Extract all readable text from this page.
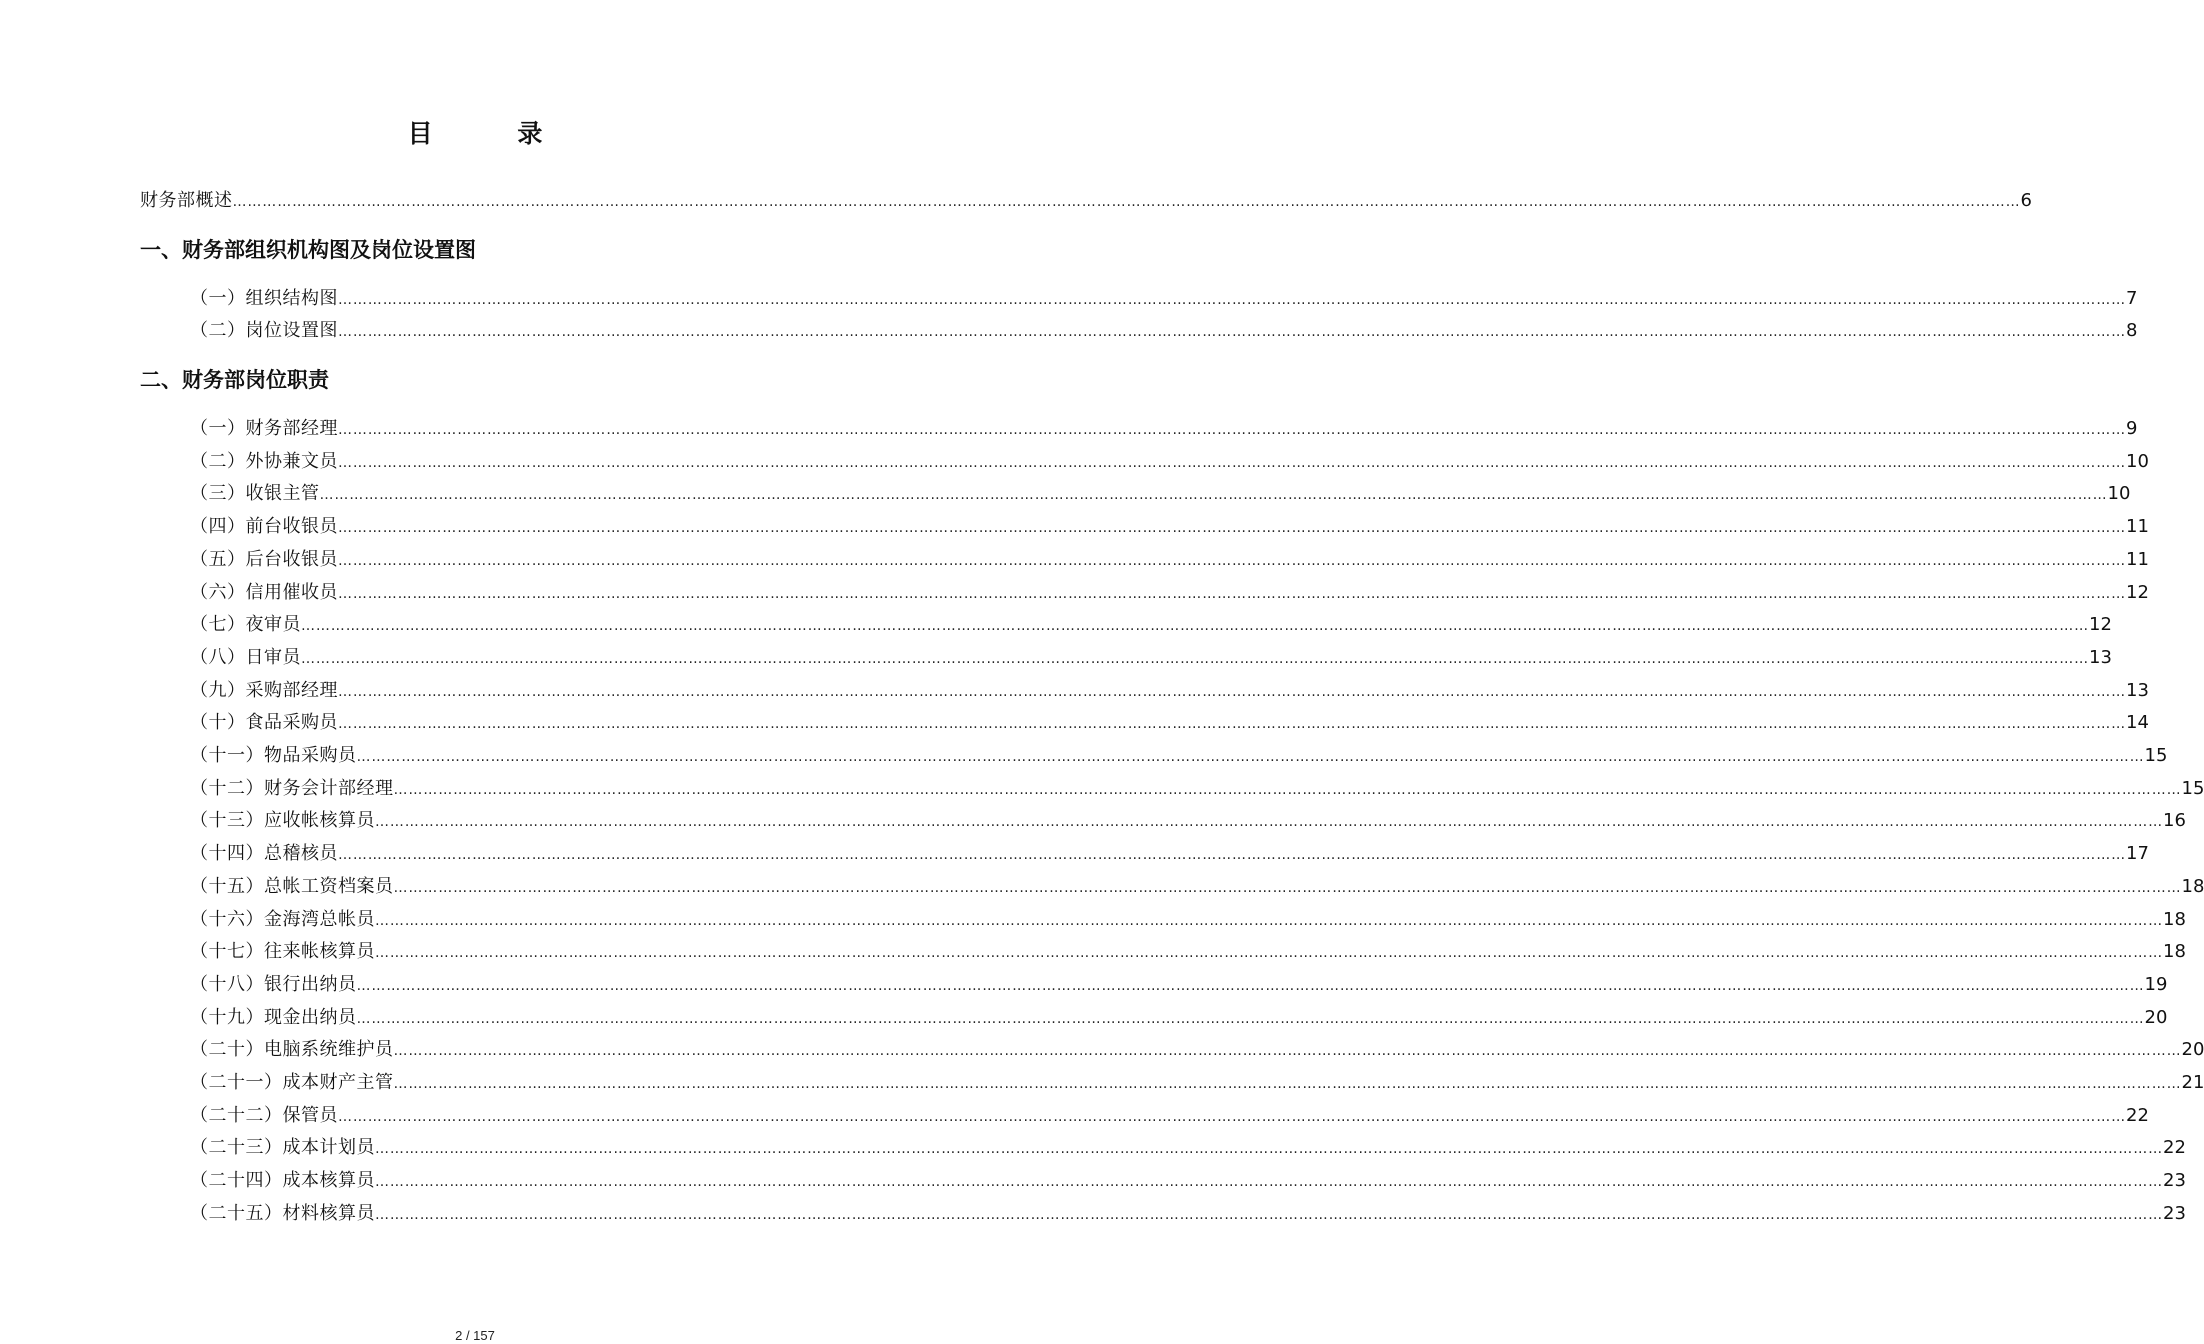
目 录
财务部概述 ……………………………………………………………………………………………………………………………………………………………………………………………………………………………………………………………………………………………………………………………… 6
一、财务部组织机构图及岗位设置图
（一）组织结构图 ……………………………………………………………………………………………………………………………………………………………………………………………………………………………………………………………………………………………………………………………… 7
（二）岗位设置图 ……………………………………………………………………………………………………………………………………………………………………………………………………………………………………………………………………………………………………………………………… 8
二、财务部岗位职责
（一）财务部经理 ……………………………………………………………………………………………………………………………………………………………………………………………………………………………………………………………………………………………………………………………… 9
（二）外协兼文员 ……………………………………………………………………………………………………………………………………………………………………………………………………………………………………………………………………………………………………………………………… 10
（三）收银主管 ……………………………………………………………………………………………………………………………………………………………………………………………………………………………………………………………………………………………………………………………… 10
（四）前台收银员 ……………………………………………………………………………………………………………………………………………………………………………………………………………………………………………………………………………………………………………………………… 11
（五）后台收银员 ……………………………………………………………………………………………………………………………………………………………………………………………………………………………………………………………………………………………………………………………… 11
（六）信用催收员 ……………………………………………………………………………………………………………………………………………………………………………………………………………………………………………………………………………………………………………………………… 12
（七）夜审员 ……………………………………………………………………………………………………………………………………………………………………………………………………………………………………………………………………………………………………………………………… 12
（八）日审员 ……………………………………………………………………………………………………………………………………………………………………………………………………………………………………………………………………………………………………………………………… 13
（九）采购部经理 ……………………………………………………………………………………………………………………………………………………………………………………………………………………………………………………………………………………………………………………………… 13
（十）食品采购员 ……………………………………………………………………………………………………………………………………………………………………………………………………………………………………………………………………………………………………………………………… 14
（十一）物品采购员 ……………………………………………………………………………………………………………………………………………………………………………………………………………………………………………………………………………………………………………………………… 15
（十二）财务会计部经理 ……………………………………………………………………………………………………………………………………………………………………………………………………………………………………………………………………………………………………………………………… 15
（十三）应收帐核算员 ……………………………………………………………………………………………………………………………………………………………………………………………………………………………………………………………………………………………………………………………… 16
（十四）总稽核员 ……………………………………………………………………………………………………………………………………………………………………………………………………………………………………………………………………………………………………………………………… 17
（十五）总帐工资档案员 ……………………………………………………………………………………………………………………………………………………………………………………………………………………………………………………………………………………………………………………………… 18
（十六）金海湾总帐员 ……………………………………………………………………………………………………………………………………………………………………………………………………………………………………………………………………………………………………………………………… 18
（十七）往来帐核算员 ……………………………………………………………………………………………………………………………………………………………………………………………………………………………………………………………………………………………………………………………… 18
（十八）银行出纳员 ……………………………………………………………………………………………………………………………………………………………………………………………………………………………………………………………………………………………………………………………… 19
（十九）现金出纳员 ……………………………………………………………………………………………………………………………………………………………………………………………………………………………………………………………………………………………………………………………… 20
（二十）电脑系统维护员 ……………………………………………………………………………………………………………………………………………………………………………………………………………………………………………………………………………………………………………………………… 20
（二十一）成本财产主管 ……………………………………………………………………………………………………………………………………………………………………………………………………………………………………………………………………………………………………………………………… 21
（二十二）保管员 ……………………………………………………………………………………………………………………………………………………………………………………………………………………………………………………………………………………………………………………………… 22
（二十三）成本计划员 ……………………………………………………………………………………………………………………………………………………………………………………………………………………………………………………………………………………………………………………………… 22
（二十四）成本核算员 ……………………………………………………………………………………………………………………………………………………………………………………………………………………………………………………………………………………………………………………………… 23
（二十五）材料核算员 ……………………………………………………………………………………………………………………………………………………………………………………………………………………………………………………………………………………………………………………………… 23
2 / 157
